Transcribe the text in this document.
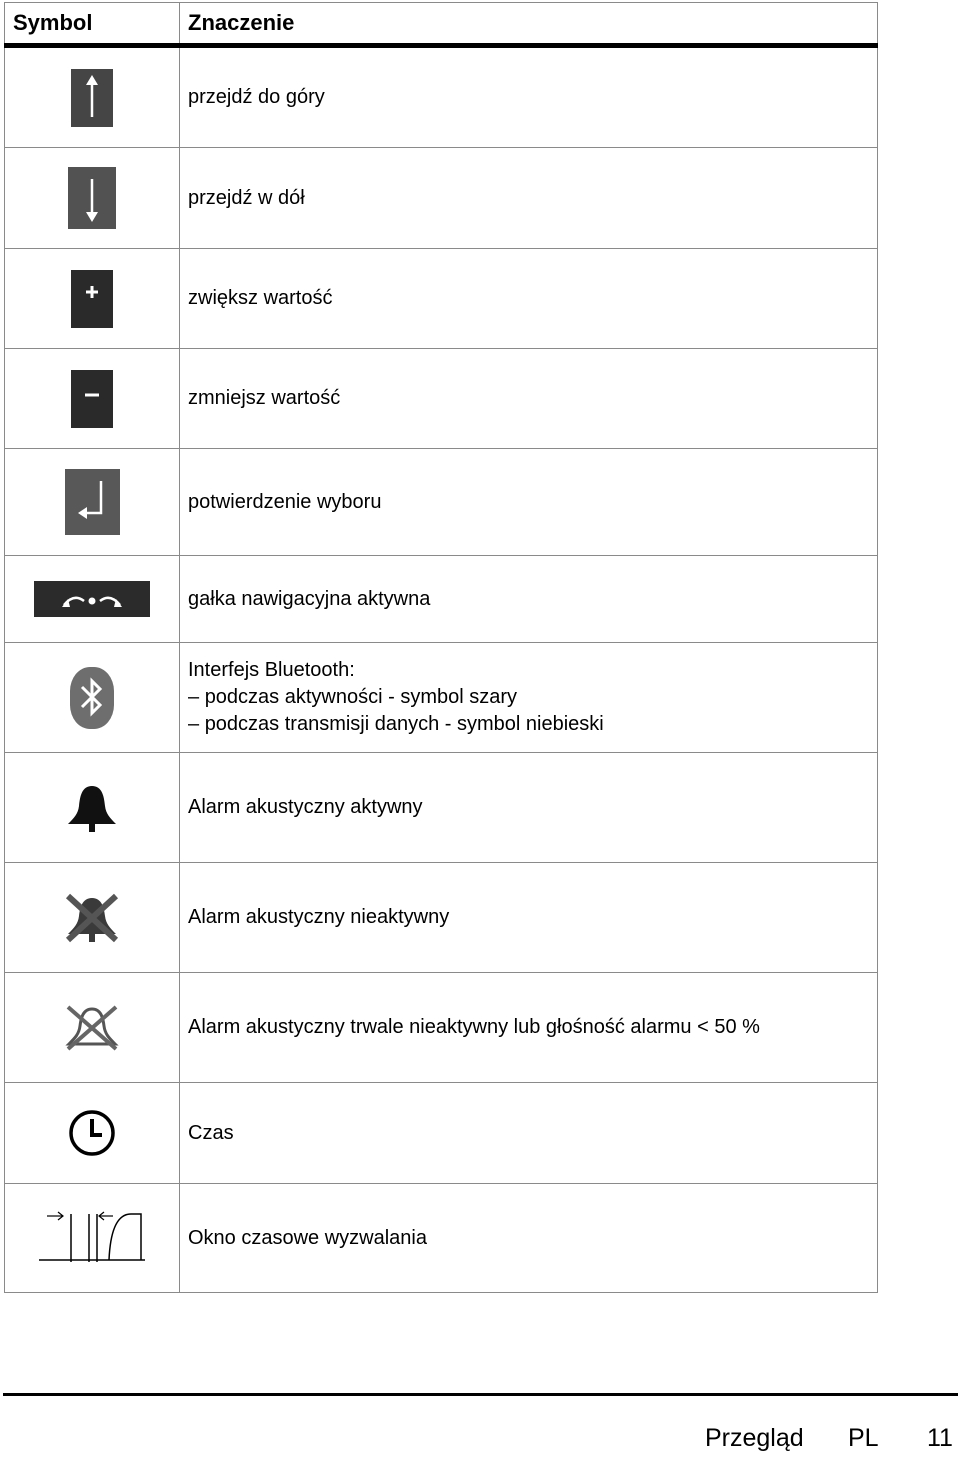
Symbol	Znaczenie

	przejdź do góry

	przejdź w dół

	zwiększ wartość

	zmniejsz wartość

	potwierdzenie wyboru

	gałka nawigacyjna aktywna

	Interfejs Bluetooth:
– podczas aktywności - symbol szary
– podczas transmisji danych - symbol niebieski

	Alarm akustyczny aktywny

	Alarm akustyczny nieaktywny

	Alarm akustyczny trwale nieaktywny lub głośność alarmu < 50 %

	Czas

	Okno czasowe wyzwalania
Przegląd PL 11
